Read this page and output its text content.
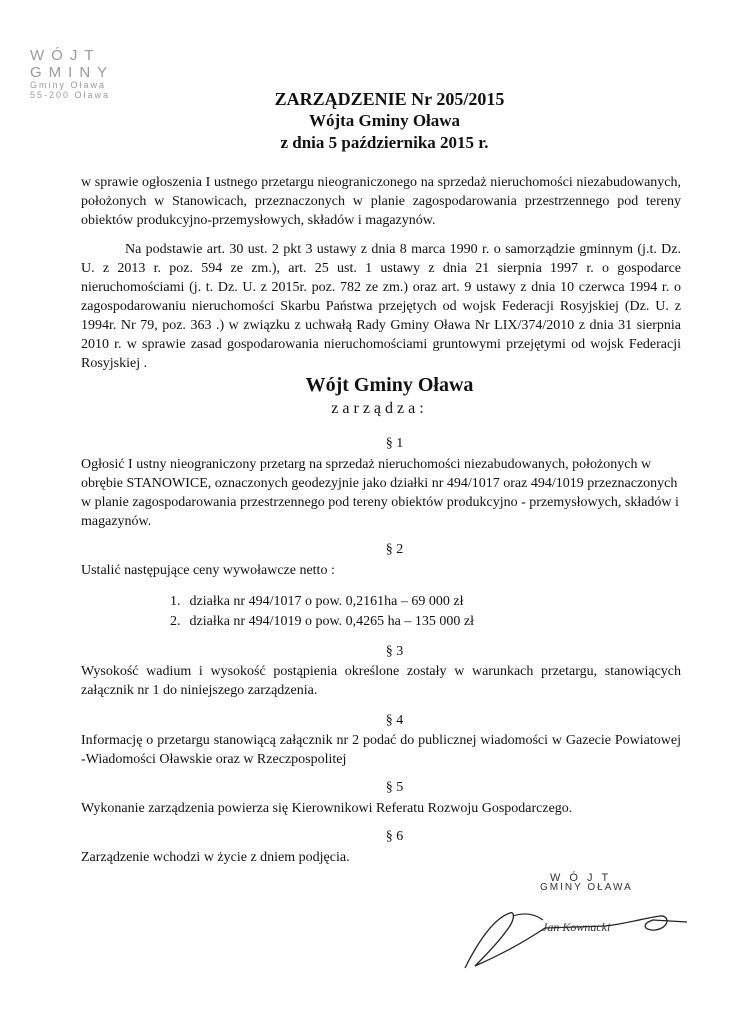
WÓJT GMINY
Gminy Oława
55-200 Oława	ZARZĄDZENIE Nr 205/2015
Wójta Gminy Oława
z dnia 5 października 2015 r.
w sprawie ogłoszenia I ustnego przetargu nieograniczonego na sprzedaż nieruchomości niezabudowanych, położonych w Stanowicach, przeznaczonych w planie zagospodarowania przestrzennego pod tereny obiektów produkcyjno-przemysłowych, składów i magazynów.
Na podstawie art. 30 ust. 2 pkt 3 ustawy z dnia 8 marca 1990 r. o samorządzie gminnym (j.t. Dz. U. z 2013 r. poz. 594 ze zm.), art. 25 ust. 1 ustawy z dnia 21 sierpnia 1997 r. o gospodarce nieruchomościami (j. t. Dz. U. z 2015r. poz. 782 ze zm.) oraz art. 9 ustawy z dnia 10 czerwca 1994 r. o zagospodarowaniu nieruchomości Skarbu Państwa przejętych od wojsk Federacji Rosyjskiej (Dz. U. z 1994r. Nr 79, poz. 363 .) w związku z uchwałą Rady Gminy Oława Nr LIX/374/2010 z dnia 31 sierpnia 2010 r. w sprawie zasad gospodarowania nieruchomościami gruntowymi przejętymi od wojsk Federacji Rosyjskiej .
Wójt Gminy Oława
zarządza:
§ 1
Ogłosić I ustny nieograniczony przetarg na sprzedaż nieruchomości niezabudowanych, położonych w obrębie STANOWICE, oznaczonych geodezyjnie jako działki nr 494/1017 oraz 494/1019 przeznaczonych w planie zagospodarowania przestrzennego pod tereny obiektów produkcyjno - przemysłowych, składów i magazynów.
§ 2
Ustalić następujące ceny wywoławcze netto :
1. działka nr 494/1017 o pow. 0,2161ha – 69 000 zł
2. działka nr 494/1019 o pow. 0,4265 ha – 135 000 zł
§ 3
Wysokość wadium i wysokość postąpienia określone zostały w warunkach przetargu, stanowiących załącznik nr 1 do niniejszego zarządzenia.
§ 4
Informację o przetargu stanowiącą załącznik nr 2 podać do publicznej wiadomości w Gazecie Powiatowej -Wiadomości Oławskie oraz w Rzeczpospolitej
§ 5
Wykonanie zarządzenia powierza się Kierownikowi Referatu Rozwoju Gospodarczego.
§ 6
Zarządzenie wchodzi w życie z dniem podjęcia.
WÓJT
GMINY OŁAWA
Jan Kownacki
